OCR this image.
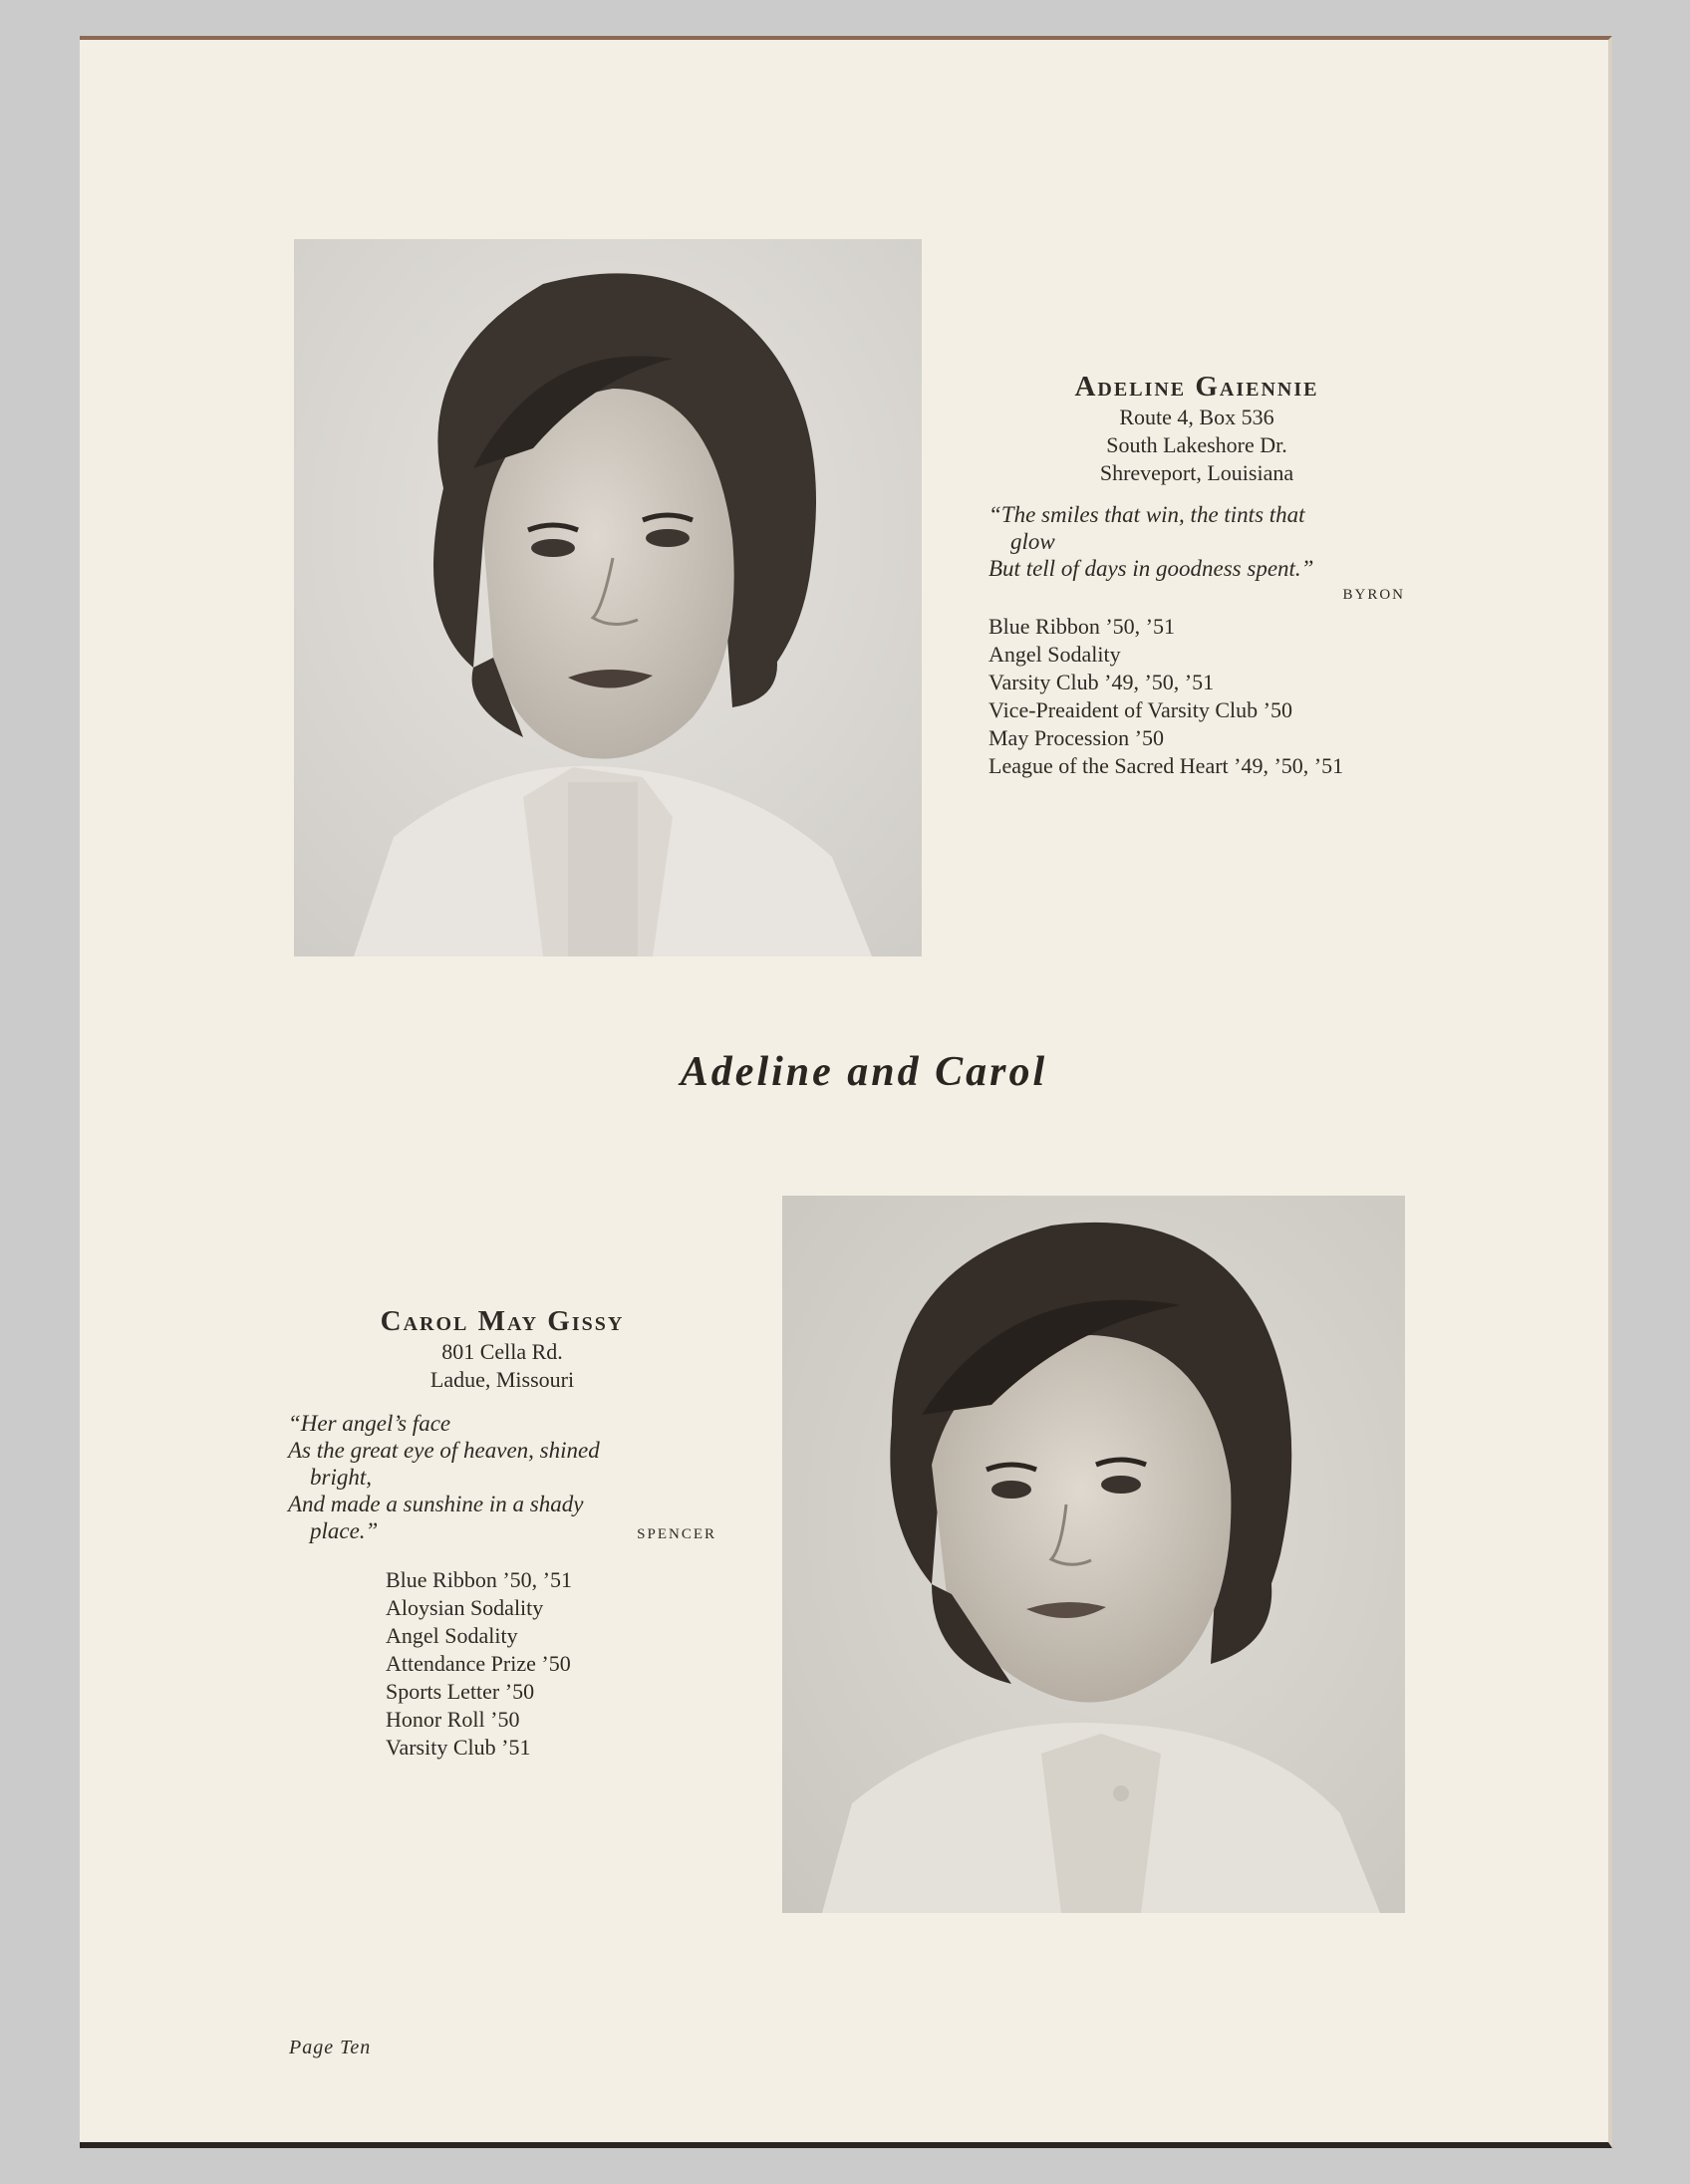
Adeline Gaiennie
Route 4, Box 536
South Lakeshore Dr.
Shreveport, Louisiana
“The smiles that win, the tints that
glow
But tell of days in goodness spent.”
BYRON
Blue Ribbon ’50, ’51
Angel Sodality
Varsity Club ’49, ’50, ’51
Vice-Preaident of Varsity Club ’50
May Procession ’50
League of the Sacred Heart ’49, ’50, ’51
Adeline and Carol
Carol May Gissy
801 Cella Rd.
Ladue, Missouri
“Her angel’s face
As the great eye of heaven, shined
bright,
And made a sunshine in a shady
place.”	SPENCER
Blue Ribbon ’50, ’51
Aloysian Sodality
Angel Sodality
Attendance Prize ’50
Sports Letter ’50
Honor Roll ’50
Varsity Club ’51
Page Ten
